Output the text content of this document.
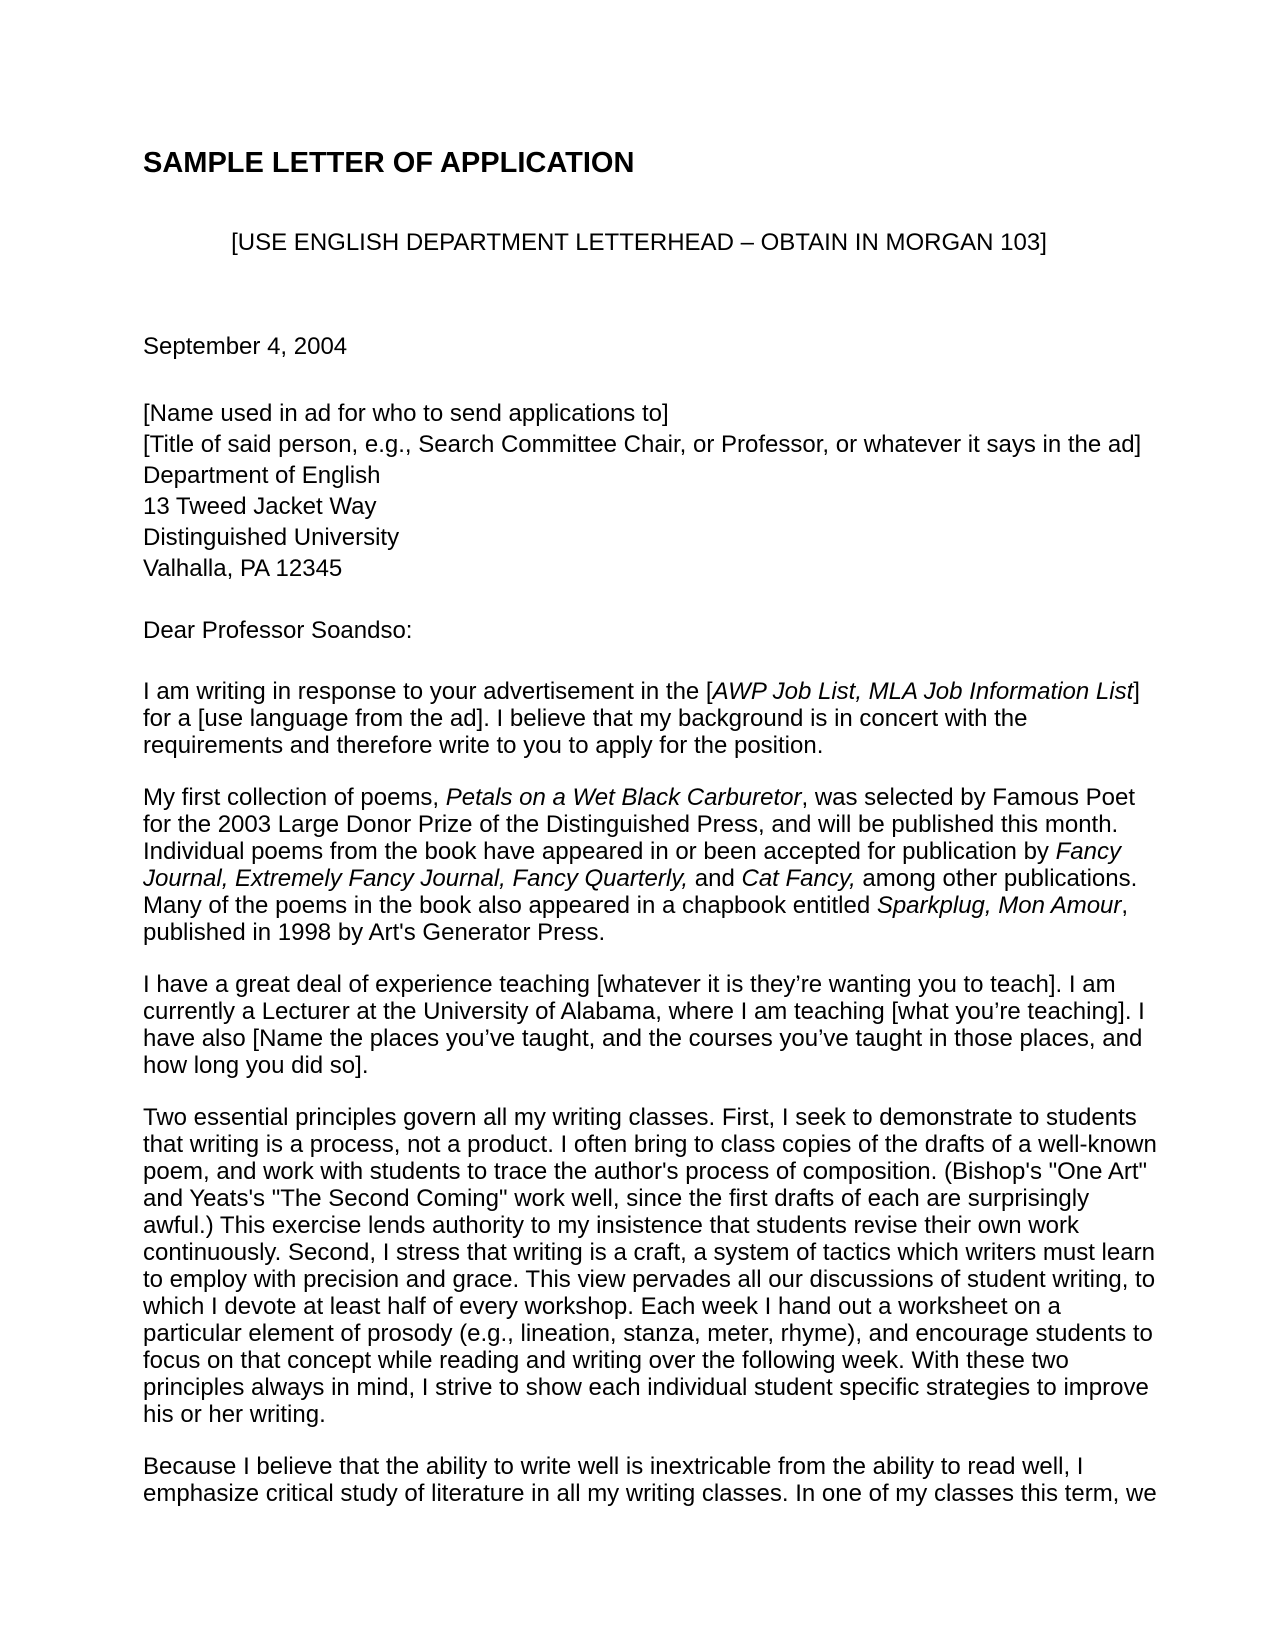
SAMPLE LETTER OF APPLICATION
[USE ENGLISH DEPARTMENT LETTERHEAD – OBTAIN IN MORGAN 103]
September 4, 2004
[Name used in ad for who to send applications to]
[Title of said person, e.g., Search Committee Chair, or Professor, or whatever it says in the ad]
Department of English
13 Tweed Jacket Way
Distinguished University
Valhalla, PA 12345
Dear Professor Soandso:
I am writing in response to your advertisement in the [AWP Job List, MLA Job Information List]
for a [use language from the ad]. I believe that my background is in concert with the
requirements and therefore write to you to apply for the position.
My first collection of poems, Petals on a Wet Black Carburetor, was selected by Famous Poet
for the 2003 Large Donor Prize of the Distinguished Press, and will be published this month.
Individual poems from the book have appeared in or been accepted for publication by Fancy
Journal, Extremely Fancy Journal, Fancy Quarterly, and Cat Fancy, among other publications.
Many of the poems in the book also appeared in a chapbook entitled Sparkplug, Mon Amour,
published in 1998 by Art's Generator Press.
I have a great deal of experience teaching [whatever it is they’re wanting you to teach]. I am
currently a Lecturer at the University of Alabama, where I am teaching [what you’re teaching]. I
have also [Name the places you’ve taught, and the courses you’ve taught in those places, and
how long you did so].
Two essential principles govern all my writing classes. First, I seek to demonstrate to students
that writing is a process, not a product. I often bring to class copies of the drafts of a well-known
poem, and work with students to trace the author's process of composition. (Bishop's "One Art"
and Yeats's "The Second Coming" work well, since the first drafts of each are surprisingly
awful.) This exercise lends authority to my insistence that students revise their own work
continuously. Second, I stress that writing is a craft, a system of tactics which writers must learn
to employ with precision and grace. This view pervades all our discussions of student writing, to
which I devote at least half of every workshop. Each week I hand out a worksheet on a
particular element of prosody (e.g., lineation, stanza, meter, rhyme), and encourage students to
focus on that concept while reading and writing over the following week. With these two
principles always in mind, I strive to show each individual student specific strategies to improve
his or her writing.
Because I believe that the ability to write well is inextricable from the ability to read well, I
emphasize critical study of literature in all my writing classes. In one of my classes this term, we
